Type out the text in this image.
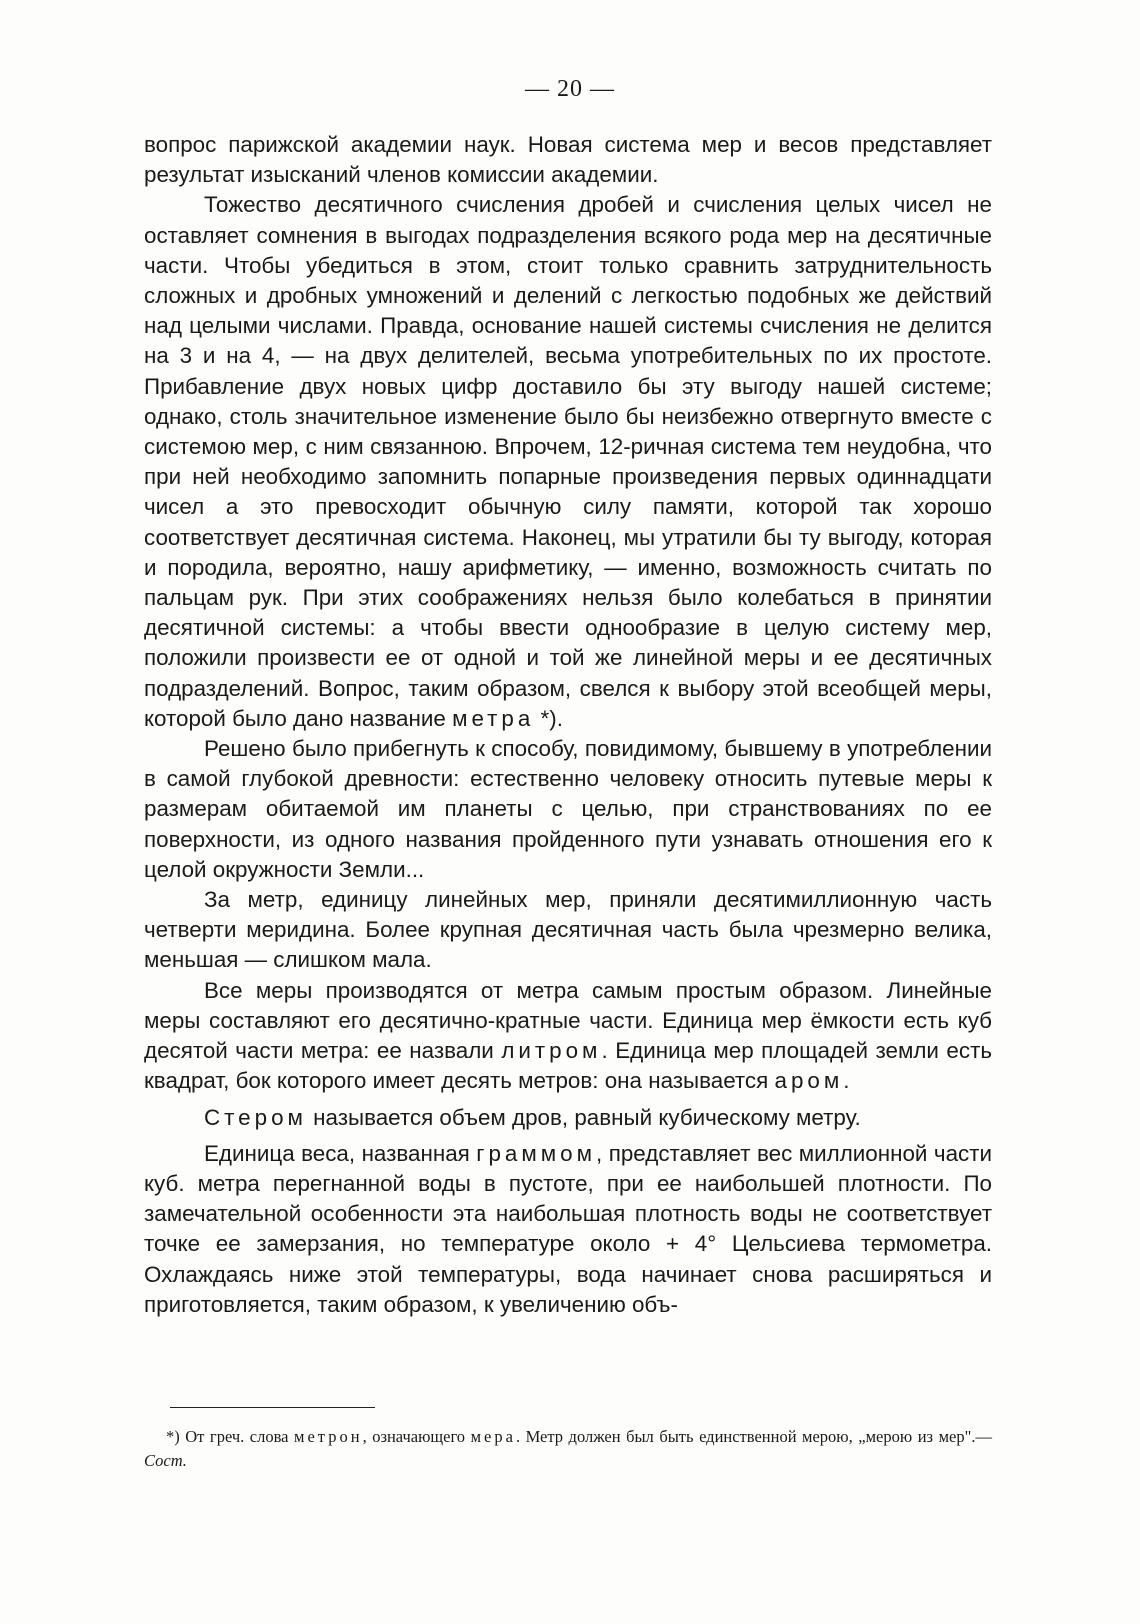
— 20 —

вопрос парижской академии наук. Новая система мер и весов представляет результат изысканий членов комиссии академии.

Тожество десятичного счисления дробей и счисления целых чисел не оставляет сомнения в выгодах подразделения всякого рода мер на десятичные части. Чтобы убедиться в этом, стоит только сравнить затруднительность сложных и дробных умножений и делений с легкостью подобных же действий над целыми числами. Правда, основание нашей системы счисления не делится на 3 и на 4, — на двух делителей, весьма употребительных по их простоте. Прибавление двух новых цифр доставило бы эту выгоду нашей системе; однако, столь значительное изменение было бы неизбежно отвергнуто вместе с системою мер, с ним связанною. Впрочем, 12-ричная система тем неудобна, что при ней необходимо запомнить попарные произведения первых одиннадцати чисел а это превосходит обычную силу памяти, которой так хорошо соответствует десятичная система. Наконец, мы утратили бы ту выгоду, которая и породила, вероятно, нашу арифметику, — именно, возможность считать по пальцам рук. При этих соображениях нельзя было колебаться в принятии десятичной системы: а чтобы ввести однообразие в целую систему мер, положили произвести ее от одной и той же линейной меры и ее десятичных подразделений. Вопрос, таким образом, свелся к выбору этой всеобщей меры, которой было дано название метра *).

Решено было прибегнуть к способу, повидимому, бывшему в употреблении в самой глубокой древности: естественно человеку относить путевые меры к размерам обитаемой им планеты с целью, при странствованиях по ее поверхности, из одного названия пройденного пути узнавать отношения его к целой окружности Земли...

За метр, единицу линейных мер, приняли десятимиллионную часть четверти меридина. Более крупная десятичная часть была чрезмерно велика, меньшая — слишком мала.

Все меры производятся от метра самым простым образом. Линейные меры составляют его десятично-кратные части. Единица мер ёмкости есть куб десятой части метра: ее назвали литром. Единица мер площадей земли есть квадрат, бок которого имеет десять метров: она называется аром.

Стером называется объем дров, равный кубическому метру.

Единица веса, названная граммом, представляет вес миллионной части куб. метра перегнанной воды в пустоте, при ее наибольшей плотности. По замечательной особенности эта наибольшая плотность воды не соответствует точке ее замерзания, но температуре около + 4° Цельсиева термометра. Охлаждаясь ниже этой температуры, вода начинает снова расширяться и приготовляется, таким образом, к увеличению объ-

*) От греч. слова метрон, означающего мера. Метр должен был быть единственной мерою, „мерою из мер".—Сост.
